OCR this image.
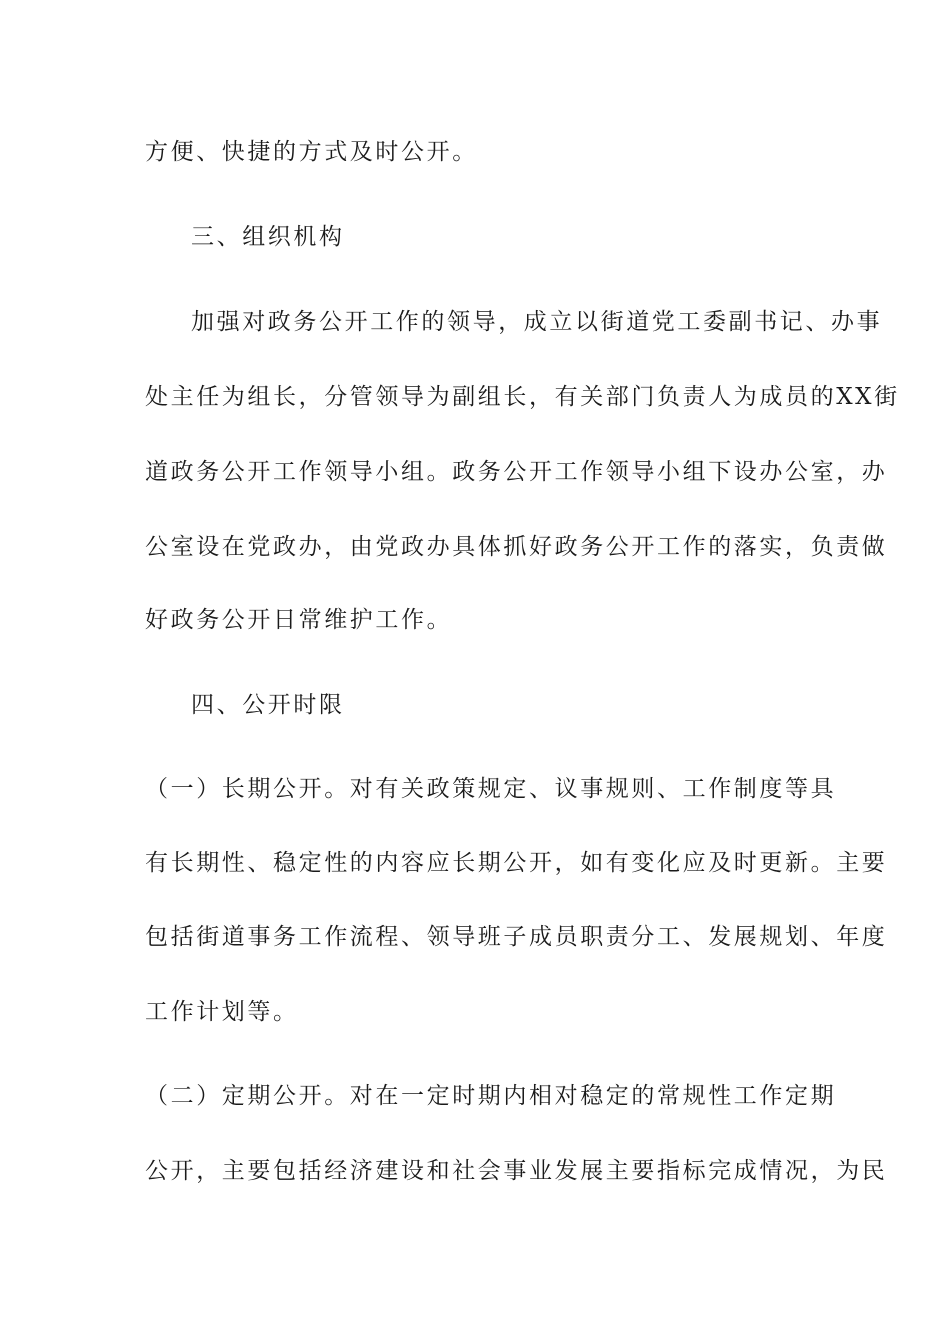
方便、快捷的方式及时公开。
三、组织机构
加强对政务公开工作的领导，成立以街道党工委副书记、办事
处主任为组长，分管领导为副组长，有关部门负责人为成员的XX街
道政务公开工作领导小组。政务公开工作领导小组下设办公室，办
公室设在党政办，由党政办具体抓好政务公开工作的落实，负责做
好政务公开日常维护工作。
四、公开时限
（一）长期公开。对有关政策规定、议事规则、工作制度等具
有长期性、稳定性的内容应长期公开，如有变化应及时更新。主要
包括街道事务工作流程、领导班子成员职责分工、发展规划、年度
工作计划等。
（二）定期公开。对在一定时期内相对稳定的常规性工作定期
公开，主要包括经济建设和社会事业发展主要指标完成情况，为民
